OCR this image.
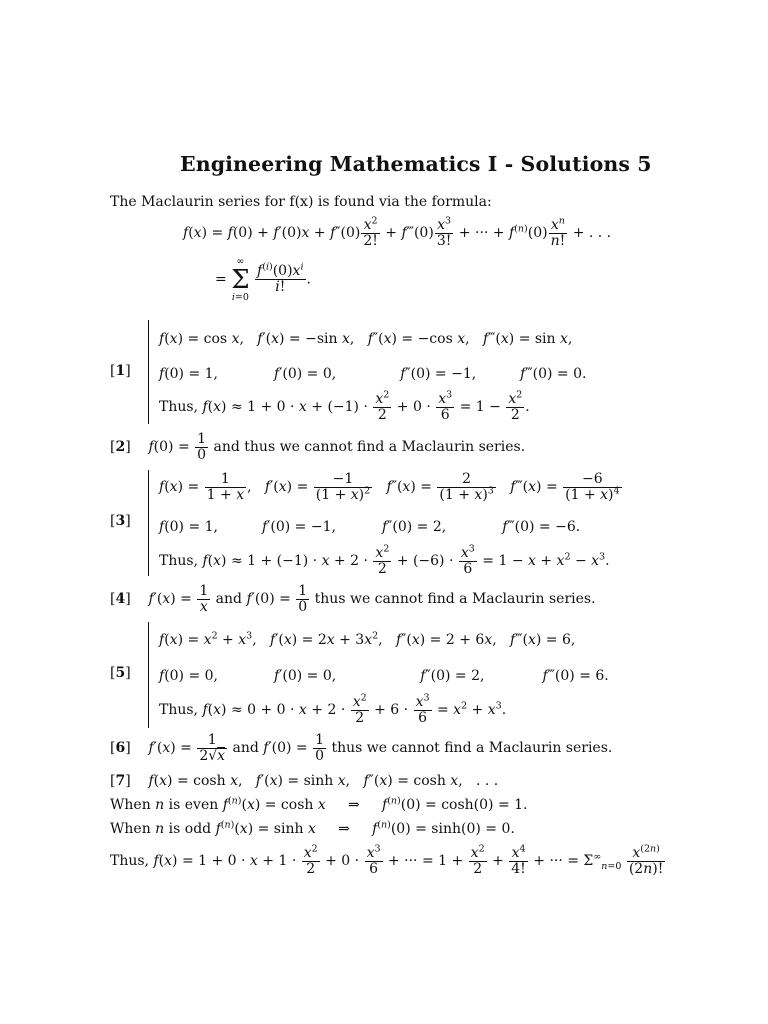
Engineering Mathematics I - Solutions 5
The Maclaurin series for f(x) is found via the formula:
$f(x) = f(0) + f'(0)x + f''(0) \frac{x^2}{2!}$ + f‴(0) $\frac{x^3}{3!}$ + ··· + $f^{(n)}(0) \frac{x^n}{n!}$ + . . .
=
∞
Σ
i=0

$\frac{f^{(i)}(0)x^i}{i!}$ .
[1]
f(x) = cos x,   f′(x) = −sin x,   f″(x) = −cos x,   f‴(x) = sin x,
f(0) = 1,	f′(0) = 0,	f″(0) = −1,	f‴(0) = 0.
Thus, $f(x) \approx 1 + 0 \cdot x + (-1) \cdot \frac{x^2}{2} + 0 \cdot \frac{x^3}{6} = 1 - \frac{x^2}{2}$ .
[2]    $f(0) = \frac{1}{0}$ and thus we cannot find a Maclaurin series.
[3]
$f(x) = \frac{1}{1 + x}$ ,   $f'(x) = \frac{-1}{(1 + x)^2} f''(x) = \frac{2}{(1 + x)^3}$ f‴(x) = $\frac{-6}{(1 + x)^4}$
f(0) = 1,	f′(0) = −1,	f″(0) = 2,	f‴(0) = −6.
Thus, $f(x) \approx 1 + (-1) \cdot x + 2 \cdot \frac{x^2}{2} + (-6) \cdot \frac{x^3}{6} = 1 - x + x^2 - x^3$.
[4]    $f'(x) = \frac{1}{x}$ and $f'(0) = \frac{1}{0}$ thus we cannot find a Maclaurin series.
[5]
$f(x) = x^2 + x^3$,   $f'(x) = 2x + 3x^2$,   f″(x) = 2 + 6x,   f‴(x) = 6,
f(0) = 0,	f′(0) = 0,	f″(0) = 2,	f‴(0) = 6.
Thus, $f(x) \approx 0 + 0 \cdot x + 2 \cdot \frac{x^2}{2} + 6 \cdot \frac{x^3}{6} = x^2 + x^3$.
[6]    $f'(x) = \frac{1}{2√x}$ and $f'(0) = \frac{1}{0}$ thus we cannot find a Maclaurin series.
[7]    f(x) = cosh x,   f′(x) = sinh x,   f″(x) = cosh x,   . . .
When n is even $f^{(n)}(x) = \cosh x$     ⇒     $f^{(n)}(0) = \cosh(0) = 1$.
When n is odd $f^{(n)}(x) = \sinh x$     ⇒     $f^{(n)}(0) = \sinh(0) = 0$.
Thus, $f(x) = 1 + 0 \cdot x + 1 \cdot \frac{x^2}{2} + 0 \cdot \frac{x^3}{6}$ + ··· = $1 + \frac{x^2}{2} + \frac{x^4}{4!}$ + ··· = $\Sigma^\infty_{n=0} \frac{x^{(2n)}}{(2n)!}$
